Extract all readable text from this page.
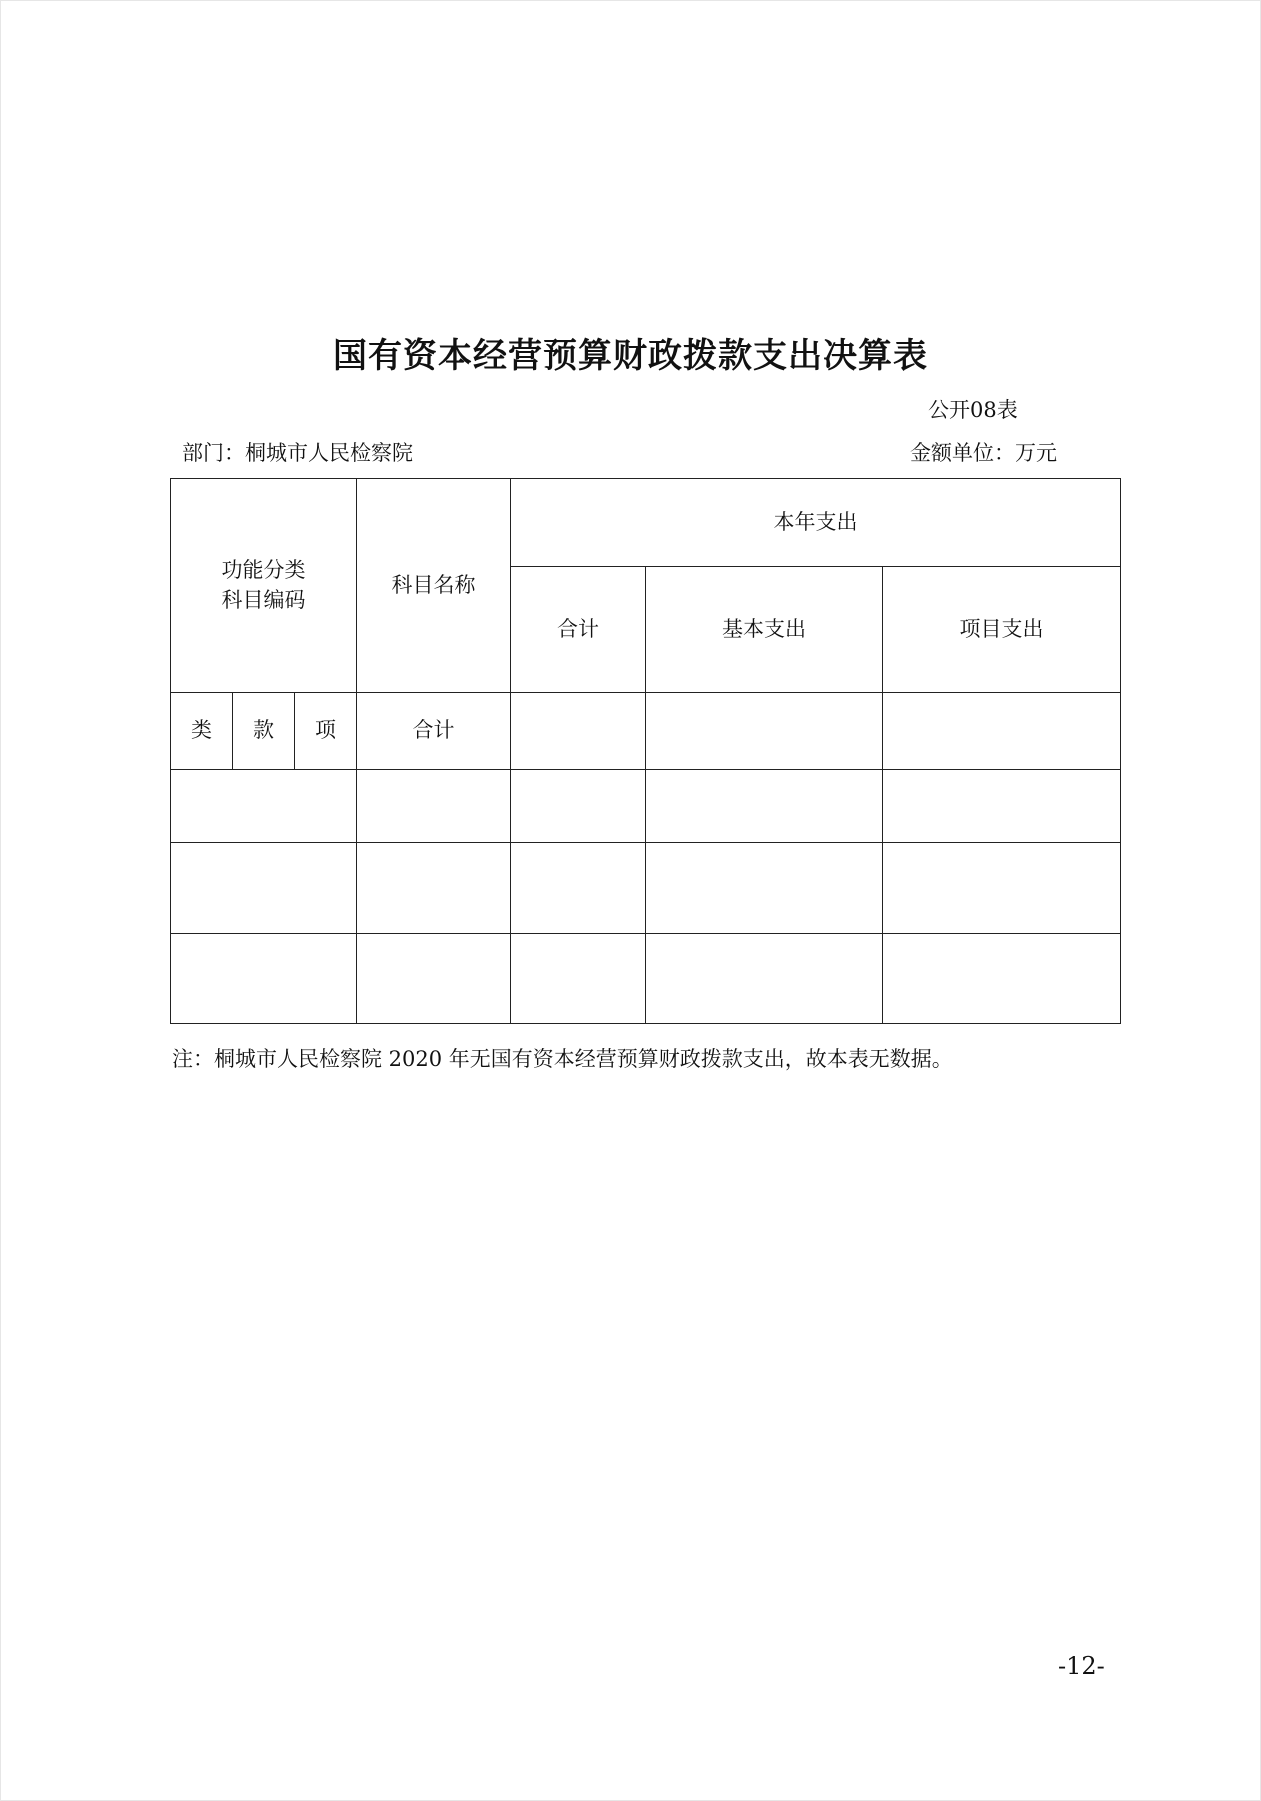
国有资本经营预算财政拨款支出决算表
公开08表
部门：桐城市人民检察院	金额单位：万元
功能分类
科目编码			科目名称	本年支出		
				合计	基本支出	项目支出
类	款	项	合计			

注：桐城市人民检察院 2020 年无国有资本经营预算财政拨款支出，故本表无数据。
-12-
